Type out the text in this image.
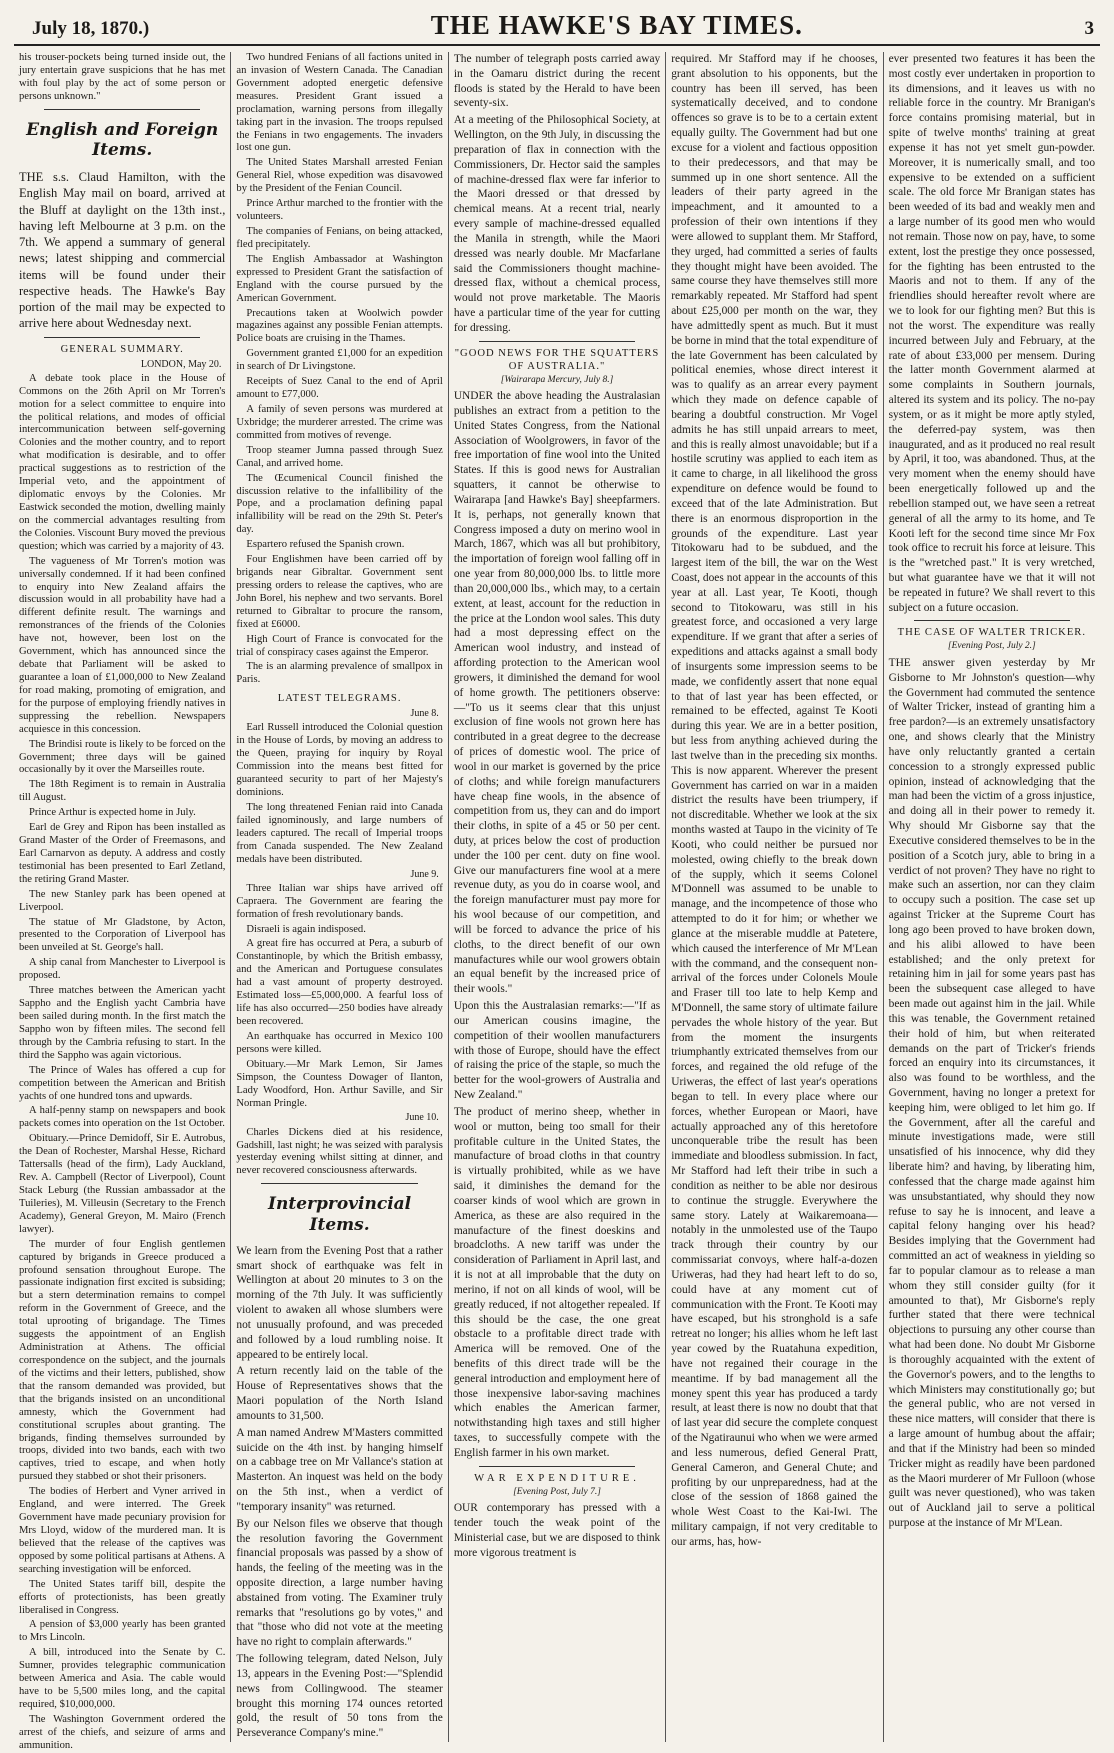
July 18, 1870.)	THE HAWKE'S BAY TIMES.	3

his trouser-pockets being turned inside out, the jury entertain grave suspicions that he has met with foul play by the act of some person or persons unknown."

English and Foreign Items.
THE s.s. Claud Hamilton, with the English May mail on board, arrived at the Bluff at daylight on the 13th inst., having left Melbourne at 3 p.m. on the 7th. We append a summary of general news; latest shipping and commercial items will be found under their respective heads. The Hawke's Bay portion of the mail may be expected to arrive here about Wednesday next.
GENERAL SUMMARY.
LONDON, May 20.

A debate took place in the House of Commons on the 26th April on Mr Torren's motion for a select committee to enquire into the political relations, and modes of official intercommunication between self-governing Colonies and the mother country, and to report what modification is desirable, and to offer practical suggestions as to restriction of the Imperial veto, and the appointment of diplomatic envoys by the Colonies. Mr Eastwick seconded the motion, dwelling mainly on the commercial advantages resulting from the Colonies. Viscount Bury moved the previous question; which was carried by a majority of 43.

The vagueness of Mr Torren's motion was universally condemned. If it had been confined to enquiry into New Zealand affairs the discussion would in all probability have had a different definite result. The warnings and remonstrances of the friends of the Colonies have not, however, been lost on the Government, which has announced since the debate that Parliament will be asked to guarantee a loan of £1,000,000 to New Zealand for road making, promoting of emigration, and for the purpose of employing friendly natives in suppressing the rebellion. Newspapers acquiesce in this concession.

The Brindisi route is likely to be forced on the Government; three days will be gained occasionally by it over the Marseilles route.

The 18th Regiment is to remain in Australia till August.

Prince Arthur is expected home in July.

Earl de Grey and Ripon has been installed as Grand Master of the Order of Freemasons, and Earl Carnarvon as deputy. A address and costly testimonial has been presented to Earl Zetland, the retiring Grand Master.

The new Stanley park has been opened at Liverpool.

The statue of Mr Gladstone, by Acton, presented to the Corporation of Liverpool has been unveiled at St. George's hall.

A ship canal from Manchester to Liverpool is proposed.

Three matches between the American yacht Sappho and the English yacht Cambria have been sailed during month. In the first match the Sappho won by fifteen miles. The second fell through by the Cambria refusing to start. In the third the Sappho was again victorious.

The Prince of Wales has offered a cup for competition between the American and British yachts of one hundred tons and upwards.

A half-penny stamp on newspapers and book packets comes into operation on the 1st October.

Obituary.—Prince Demidoff, Sir E. Autrobus, the Dean of Rochester, Marshal Hesse, Richard Tattersalls (head of the firm), Lady Auckland, Rev. A. Campbell (Rector of Liverpool), Count Stack Leburg (the Russian ambassador at the Tuileries), M. Villeusin (Secretary to the French Academy), General Greyon, M. Mairo (French lawyer).

The murder of four English gentlemen captured by brigands in Greece produced a profound sensation throughout Europe. The passionate indignation first excited is subsiding; but a stern determination remains to compel reform in the Government of Greece, and the total uprooting of brigandage. The Times suggests the appointment of an English Administration at Athens. The official correspondence on the subject, and the journals of the victims and their letters, published, show that the ransom demanded was provided, but that the brigands insisted on an unconditional amnesty, which the Government had constitutional scruples about granting. The brigands, finding themselves surrounded by troops, divided into two bands, each with two captives, tried to escape, and when hotly pursued they stabbed or shot their prisoners.

The bodies of Herbert and Vyner arrived in England, and were interred. The Greek Government have made pecuniary provision for Mrs Lloyd, widow of the murdered man. It is believed that the release of the captives was opposed by some political partisans at Athens. A searching investigation will be enforced.

The United States tariff bill, despite the efforts of protectionists, has been greatly liberalised in Congress.

A pension of $3,000 yearly has been granted to Mrs Lincoln.

A bill, introduced into the Senate by C. Sumner, provides telegraphic communication between America and Asia. The cable would have to be 5,500 miles long, and the capital required, $10,000,000.

The Washington Government ordered the arrest of the chiefs, and seizure of arms and ammunition.

Two hundred Fenians of all factions united in an invasion of Western Canada. The Canadian Government adopted energetic defensive measures. President Grant issued a proclamation, warning persons from illegally taking part in the invasion. The troops repulsed the Fenians in two engagements. The invaders lost one gun.

The United States Marshall arrested Fenian General Riel, whose expedition was disavowed by the President of the Fenian Council.

Prince Arthur marched to the frontier with the volunteers.

The companies of Fenians, on being attacked, fled precipitately.

The English Ambassador at Washington expressed to President Grant the satisfaction of England with the course pursued by the American Government.

Precautions taken at Woolwich powder magazines against any possible Fenian attempts. Police boats are cruising in the Thames.

Government granted £1,000 for an expedition in search of Dr Livingstone.

Receipts of Suez Canal to the end of April amount to £77,000.

A family of seven persons was murdered at Uxbridge; the murderer arrested. The crime was committed from motives of revenge.

Troop steamer Jumna passed through Suez Canal, and arrived home.

The Œcumenical Council finished the discussion relative to the infallibility of the Pope, and a proclamation defining papal infallibility will be read on the 29th St. Peter's day.

Espartero refused the Spanish crown.

Four Englishmen have been carried off by brigands near Gibraltar. Government sent pressing orders to release the captives, who are John Borel, his nephew and two servants. Borel returned to Gibraltar to procure the ransom, fixed at £6000.

High Court of France is convocated for the trial of conspiracy cases against the Emperor.

The is an alarming prevalence of smallpox in Paris.

LATEST TELEGRAMS.
June 8.

Earl Russell introduced the Colonial question in the House of Lords, by moving an address to the Queen, praying for inquiry by Royal Commission into the means best fitted for guaranteed security to part of her Majesty's dominions.

The long threatened Fenian raid into Canada failed ignominously, and large numbers of leaders captured. The recall of Imperial troops from Canada suspended. The New Zealand medals have been distributed.

June 9.

Three Italian war ships have arrived off Capraera. The Government are fearing the formation of fresh revolutionary bands.

Disraeli is again indisposed.

A great fire has occurred at Pera, a suburb of Constantinople, by which the British embassy, and the American and Portuguese consulates had a vast amount of property destroyed. Estimated loss—£5,000,000. A fearful loss of life has also occurred—250 bodies have already been recovered.

An earthquake has occurred in Mexico 100 persons were killed.

Obituary.—Mr Mark Lemon, Sir James Simpson, the Countess Dowager of Ilanton, Lady Woodford, Hon. Arthur Saville, and Sir Norman Pringle.

June 10.

Charles Dickens died at his residence, Gadshill, last night; he was seized with paralysis yesterday evening whilst sitting at dinner, and never recovered consciousness afterwards.

Interprovincial Items.

We learn from the Evening Post that a rather smart shock of earthquake was felt in Wellington at about 20 minutes to 3 on the morning of the 7th July. It was sufficiently violent to awaken all whose slumbers were not unusually profound, and was preceded and followed by a loud rumbling noise. It appeared to be entirely local.

A return recently laid on the table of the House of Representatives shows that the Maori population of the North Island amounts to 31,500.

A man named Andrew M'Masters committed suicide on the 4th inst. by hanging himself on a cabbage tree on Mr Vallance's station at Masterton. An inquest was held on the body on the 5th inst., when a verdict of "temporary insanity" was returned.

By our Nelson files we observe that though the resolution favoring the Government financial proposals was passed by a show of hands, the feeling of the meeting was in the opposite direction, a large number having abstained from voting. The Examiner truly remarks that "resolutions go by votes," and that "those who did not vote at the meeting have no right to complain afterwards."

The following telegram, dated Nelson, July 13, appears in the Evening Post:—"Splendid news from Collingwood. The steamer brought this morning 174 ounces retorted gold, the result of 50 tons from the Perseverance Company's mine."

The number of telegraph posts carried away in the Oamaru district during the recent floods is stated by the Herald to have been seventy-six.

At a meeting of the Philosophical Society, at Wellington, on the 9th July, in discussing the preparation of flax in connection with the Commissioners, Dr. Hector said the samples of machine-dressed flax were far inferior to the Maori dressed or that dressed by chemical means. At a recent trial, nearly every sample of machine-dressed equalled the Manila in strength, while the Maori dressed was nearly double. Mr Macfarlane said the Commissioners thought machine-dressed flax, without a chemical process, would not prove marketable. The Maoris have a particular time of the year for cutting for dressing.

"GOOD NEWS FOR THE SQUATTERS OF AUSTRALIA."
[Wairarapa Mercury, July 8.]

UNDER the above heading the Australasian publishes an extract from a petition to the United States Congress, from the National Association of Woolgrowers, in favor of the free importation of fine wool into the United States. If this is good news for Australian squatters, it cannot be otherwise to Wairarapa [and Hawke's Bay] sheepfarmers. It is, perhaps, not generally known that Congress imposed a duty on merino wool in March, 1867, which was all but prohibitory, the importation of foreign wool falling off in one year from 80,000,000 lbs. to little more than 20,000,000 lbs., which may, to a certain extent, at least, account for the reduction in the price at the London wool sales. This duty had a most depressing effect on the American wool industry, and instead of affording protection to the American wool growers, it diminished the demand for wool of home growth. The petitioners observe:—"To us it seems clear that this unjust exclusion of fine wools not grown here has contributed in a great degree to the decrease of prices of domestic wool. The price of wool in our market is governed by the price of cloths; and while foreign manufacturers have cheap fine wools, in the absence of competition from us, they can and do import their cloths, in spite of a 45 or 50 per cent. duty, at prices below the cost of production under the 100 per cent. duty on fine wool. Give our manufacturers fine wool at a mere revenue duty, as you do in coarse wool, and the foreign manufacturer must pay more for his wool because of our competition, and will be forced to advance the price of his cloths, to the direct benefit of our own manufactures while our wool growers obtain an equal benefit by the increased price of their wools."

Upon this the Australasian remarks:—"If as our American cousins imagine, the competition of their woollen manufacturers with those of Europe, should have the effect of raising the price of the staple, so much the better for the wool-growers of Australia and New Zealand."

The product of merino sheep, whether in wool or mutton, being too small for their profitable culture in the United States, the manufacture of broad cloths in that country is virtually prohibited, while as we have said, it diminishes the demand for the coarser kinds of wool which are grown in America, as these are also required in the manufacture of the finest doeskins and broadcloths. A new tariff was under the consideration of Parliament in April last, and it is not at all improbable that the duty on merino, if not on all kinds of wool, will be greatly reduced, if not altogether repealed. If this should be the case, the one great obstacle to a profitable direct trade with America will be removed. One of the benefits of this direct trade will be the general introduction and employment here of those inexpensive labor-saving machines which enables the American farmer, notwithstanding high taxes and still higher taxes, to successfully compete with the English farmer in his own market.

WAR EXPENDITURE.
[Evening Post, July 7.]

OUR contemporary has pressed with a tender touch the weak point of the Ministerial case, but we are disposed to think more vigorous treatment is

required. Mr Stafford may if he chooses, grant absolution to his opponents, but the country has been ill served, has been systematically deceived, and to condone offences so grave is to be to a certain extent equally guilty. The Government had but one excuse for a violent and factious opposition to their predecessors, and that may be summed up in one short sentence. All the leaders of their party agreed in the impeachment, and it amounted to a profession of their own intentions if they were allowed to supplant them. Mr Stafford, they urged, had committed a series of faults they thought might have been avoided. The same course they have themselves still more remarkably repeated. Mr Stafford had spent about £25,000 per month on the war, they have admittedly spent as much. But it must be borne in mind that the total expenditure of the late Government has been calculated by political enemies, whose direct interest it was to qualify as an arrear every payment which they made on defence capable of bearing a doubtful construction. Mr Vogel admits he has still unpaid arrears to meet, and this is really almost unavoidable; but if a hostile scrutiny was applied to each item as it came to charge, in all likelihood the gross expenditure on defence would be found to exceed that of the late Administration. But there is an enormous disproportion in the grounds of the expenditure. Last year Titokowaru had to be subdued, and the largest item of the bill, the war on the West Coast, does not appear in the accounts of this year at all. Last year, Te Kooti, though second to Titokowaru, was still in his greatest force, and occasioned a very large expenditure. If we grant that after a series of expeditions and attacks against a small body of insurgents some impression seems to be made, we confidently assert that none equal to that of last year has been effected, or remained to be effected, against Te Kooti during this year. We are in a better position, but less from anything achieved during the last twelve than in the preceding six months. This is now apparent. Wherever the present Government has carried on war in a maiden district the results have been triumpery, if not discreditable. Whether we look at the six months wasted at Taupo in the vicinity of Te Kooti, who could neither be pursued nor molested, owing chiefly to the break down of the supply, which it seems Colonel M'Donnell was assumed to be unable to manage, and the incompetence of those who attempted to do it for him; or whether we glance at the miserable muddle at Patetere, which caused the interference of Mr M'Lean with the command, and the consequent non-arrival of the forces under Colonels Moule and Fraser till too late to help Kemp and M'Donnell, the same story of ultimate failure pervades the whole history of the year. But from the moment the insurgents triumphantly extricated themselves from our forces, and regained the old refuge of the Uriweras, the effect of last year's operations began to tell. In every place where our forces, whether European or Maori, have actually approached any of this heretofore unconquerable tribe the result has been immediate and bloodless submission. In fact, Mr Stafford had left their tribe in such a condition as neither to be able nor desirous to continue the struggle. Everywhere the same story. Lately at Waikaremoana—notably in the unmolested use of the Taupo track through their country by our commissariat convoys, where half-a-dozen Uriweras, had they had heart left to do so, could have at any moment cut of communication with the Front. Te Kooti may have escaped, but his stronghold is a safe retreat no longer; his allies whom he left last year cowed by the Ruatahuna expedition, have not regained their courage in the meantime. If by bad management all the money spent this year has produced a tardy result, at least there is now no doubt that that of last year did secure the complete conquest of the Ngatiraunui who when we were armed and less numerous, defied General Pratt, General Cameron, and General Chute; and profiting by our unpreparedness, had at the close of the session of 1868 gained the whole West Coast to the Kai-Iwi. The military campaign, if not very creditable to our arms, has, how-

ever presented two features it has been the most costly ever undertaken in proportion to its dimensions, and it leaves us with no reliable force in the country. Mr Branigan's force contains promising material, but in spite of twelve months' training at great expense it has not yet smelt gun-powder. Moreover, it is numerically small, and too expensive to be extended on a sufficient scale. The old force Mr Branigan states has been weeded of its bad and weakly men and a large number of its good men who would not remain. Those now on pay, have, to some extent, lost the prestige they once possessed, for the fighting has been entrusted to the Maoris and not to them. If any of the friendlies should hereafter revolt where are we to look for our fighting men? But this is not the worst. The expenditure was really incurred between July and February, at the rate of about £33,000 per mensem. During the latter month Government alarmed at some complaints in Southern journals, altered its system and its policy. The no-pay system, or as it might be more aptly styled, the deferred-pay system, was then inaugurated, and as it produced no real result by April, it too, was abandoned. Thus, at the very moment when the enemy should have been energetically followed up and the rebellion stamped out, we have seen a retreat general of all the army to its home, and Te Kooti left for the second time since Mr Fox took office to recruit his force at leisure. This is the "wretched past." It is very wretched, but what guarantee have we that it will not be repeated in future? We shall revert to this subject on a future occasion.

THE CASE OF WALTER TRICKER.
[Evening Post, July 2.]

THE answer given yesterday by Mr Gisborne to Mr Johnston's question—why the Government had commuted the sentence of Walter Tricker, instead of granting him a free pardon?—is an extremely unsatisfactory one, and shows clearly that the Ministry have only reluctantly granted a certain concession to a strongly expressed public opinion, instead of acknowledging that the man had been the victim of a gross injustice, and doing all in their power to remedy it. Why should Mr Gisborne say that the Executive considered themselves to be in the position of a Scotch jury, able to bring in a verdict of not proven? They have no right to make such an assertion, nor can they claim to occupy such a position. The case set up against Tricker at the Supreme Court has long ago been proved to have broken down, and his alibi allowed to have been established; and the only pretext for retaining him in jail for some years past has been the subsequent case alleged to have been made out against him in the jail. While this was tenable, the Government retained their hold of him, but when reiterated demands on the part of Tricker's friends forced an enquiry into its circumstances, it also was found to be worthless, and the Government, having no longer a pretext for keeping him, were obliged to let him go. If the Government, after all the careful and minute investigations made, were still unsatisfied of his innocence, why did they liberate him? and having, by liberating him, confessed that the charge made against him was unsubstantiated, why should they now refuse to say he is innocent, and leave a capital felony hanging over his head? Besides implying that the Government had committed an act of weakness in yielding so far to popular clamour as to release a man whom they still consider guilty (for it amounted to that), Mr Gisborne's reply further stated that there were technical objections to pursuing any other course than what had been done. No doubt Mr Gisborne is thoroughly acquainted with the extent of the Governor's powers, and to the lengths to which Ministers may constitutionally go; but the general public, who are not versed in these nice matters, will consider that there is a large amount of humbug about the affair; and that if the Ministry had been so minded Tricker might as readily have been pardoned as the Maori murderer of Mr Fulloon (whose guilt was never questioned), who was taken out of Auckland jail to serve a political purpose at the instance of Mr M'Lean.
